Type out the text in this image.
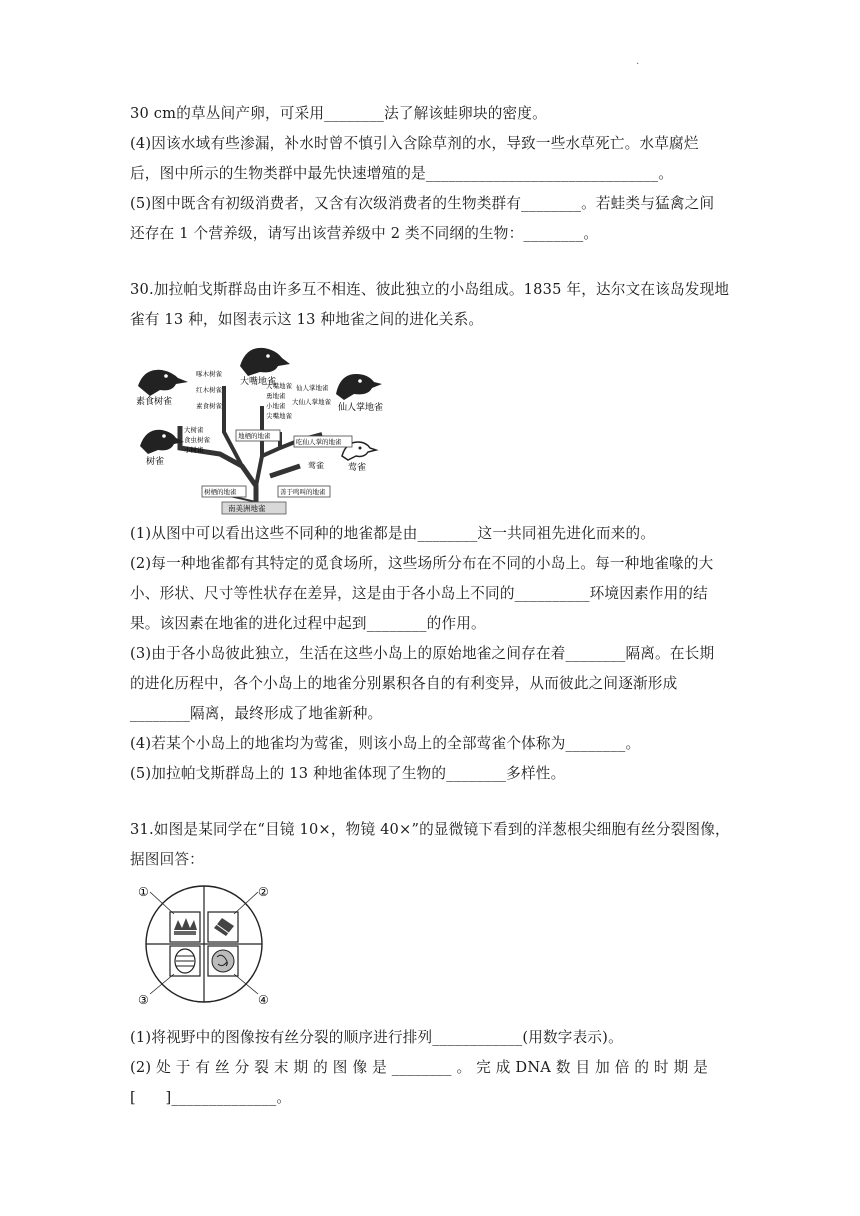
.
30 cm的草丛间产卵，可采用________法了解该蛙卵块的密度。
(4)因该水域有些渗漏，补水时曾不慎引入含除草剂的水，导致一些水草死亡。水草腐烂
后，图中所示的生物类群中最先快速增殖的是_______________________________。
(5)图中既含有初级消费者，又含有次级消费者的生物类群有________。若蛙类与猛禽之间
还存在 1 个营养级，请写出该营养级中 2 类不同纲的生物：________。
30.加拉帕戈斯群岛由许多互不相连、彼此独立的小岛组成。1835 年，达尔文在该岛发现地
雀有 13 种，如图表示这 13 种地雀之间的进化关系。
素食树雀
大嘴地雀
仙人掌地雀
树雀
莺雀
啄木树雀
红木树雀
素食树雀
大树雀
食虫树雀
小树雀
大嘴地雀
勇地雀
小地雀
尖嘴地雀
仙人掌地雀
大仙人掌地雀
地栖的地雀
吃仙人掌的地雀
树栖的地雀	善于鸣叫的地雀
莺雀
南美洲地雀
(1)从图中可以看出这些不同种的地雀都是由________这一共同祖先进化而来的。
(2)每一种地雀都有其特定的觅食场所，这些场所分布在不同的小岛上。每一种地雀喙的大
小、形状、尺寸等性状存在差异，这是由于各小岛上不同的__________环境因素作用的结
果。该因素在地雀的进化过程中起到________的作用。
(3)由于各小岛彼此独立，生活在这些小岛上的原始地雀之间存在着________隔离。在长期
的进化历程中，各个小岛上的地雀分别累积各自的有利变异，从而彼此之间逐渐形成
________隔离，最终形成了地雀新种。
(4)若某个小岛上的地雀均为莺雀，则该小岛上的全部莺雀个体称为________。
(5)加拉帕戈斯群岛上的 13 种地雀体现了生物的________多样性。
31.如图是某同学在“目镜 10×，物镜 40×”的显微镜下看到的洋葱根尖细胞有丝分裂图像，
据图回答：
①	②
③	④
(1)将视野中的图像按有丝分裂的顺序进行排列____________(用数字表示)。
(2) 处 于 有 丝 分 裂 末 期 的 图 像 是 ________ 。 完 成 DNA 数 目 加 倍 的 时 期 是
[　　]______________。
